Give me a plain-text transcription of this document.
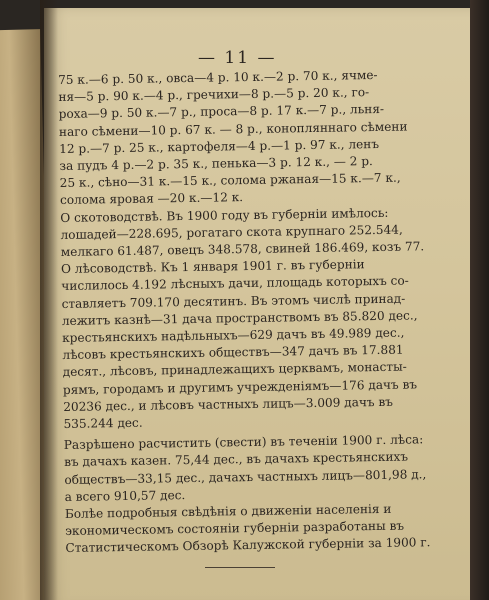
— 11 —
75 к.—6 р. 50 к., овса—4 р. 10 к.—2 р. 70 к., ячме-
ня—5 р. 90 к.—4 р., гречихи—8 р.—5 р. 20 к., го-
роха—9 р. 50 к.—7 р., проса—8 р. 17 к.—7 р., льня-
наго сѣмени—10 р. 67 к. — 8 р., конопляннаго сѣмени
12 р.—7 р. 25 к., картофеля—4 р.—1 р. 97 к., ленъ
за пудъ 4 р.—2 р. 35 к., пенька—3 р. 12 к., — 2 р.
25 к., сѣно—31 к.—15 к., солома ржаная—15 к.—7 к.,
солома яровая —20 к.—12 к.
О скотоводствѣ. Въ 1900 году въ губерніи имѣлось:
лошадей—228.695, рогатаго скота крупнаго 252.544,
мелкаго 61.487, овецъ 348.578, свиней 186.469, козъ 77.
О лѣсоводствѣ. Къ 1 января 1901 г. въ губерніи
числилось 4.192 лѣсныхъ дачи, площадь которыхъ со-
ставляетъ 709.170 десятинъ. Въ этомъ числѣ принад-
лежитъ казнѣ—31 дача пространствомъ въ 85.820 дес.,
крестьянскихъ надѣльныхъ—629 дачъ въ 49.989 дес.,
лѣсовъ крестьянскихъ обществъ—347 дачъ въ 17.881
десят., лѣсовъ, принадлежащихъ церквамъ, монасты-
рямъ, городамъ и другимъ учрежденіямъ—176 дачъ въ
20236 дес., и лѣсовъ частныхъ лицъ—3.009 дачъ въ
535.244 дес.
Разрѣшено расчистить (свести) въ теченіи 1900 г. лѣса:
въ дачахъ казен. 75,44 дес., въ дачахъ крестьянскихъ
обществъ—33,15 дес., дачахъ частныхъ лицъ—801,98 д.,
а всего 910,57 дес.
Болѣе подробныя свѣдѣнія о движеніи населенія и
экономическомъ состояніи губерніи разработаны въ
Статистическомъ Обзорѣ Калужской губерніи за 1900 г.
